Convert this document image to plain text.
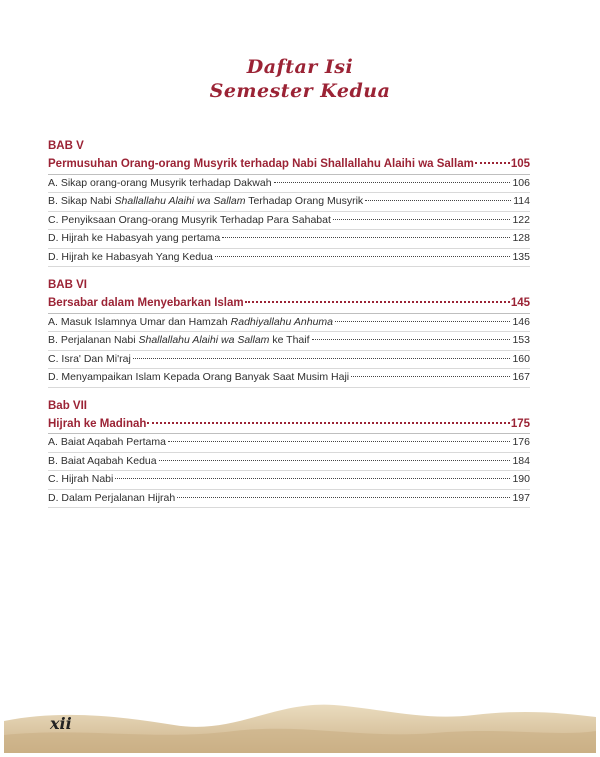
Daftar Isi
Semester Kedua
BAB V
Permusuhan Orang-orang Musyrik terhadap Nabi Shallallahu Alaihi wa Sallam	105
A. Sikap orang-orang Musyrik terhadap Dakwah	106
B. Sikap Nabi Shallallahu Alaihi wa Sallam Terhadap Orang Musyrik	114
C. Penyiksaan Orang-orang Musyrik Terhadap Para Sahabat	122
D. Hijrah ke Habasyah yang pertama	128
D. Hijrah ke Habasyah Yang Kedua	135
BAB VI
Bersabar dalam Menyebarkan Islam	145
A. Masuk Islamnya Umar dan Hamzah Radhiyallahu Anhuma	146
B. Perjalanan Nabi Shallallahu Alaihi wa Sallam ke Thaif	153
C. Isra' Dan Mi'raj	160
D. Menyampaikan Islam Kepada Orang Banyak Saat Musim Haji	167
Bab VII
Hijrah ke Madinah	175
A. Baiat Aqabah Pertama	176
B. Baiat Aqabah Kedua	184
C. Hijrah Nabi	190
D. Dalam Perjalanan Hijrah	197
xii
